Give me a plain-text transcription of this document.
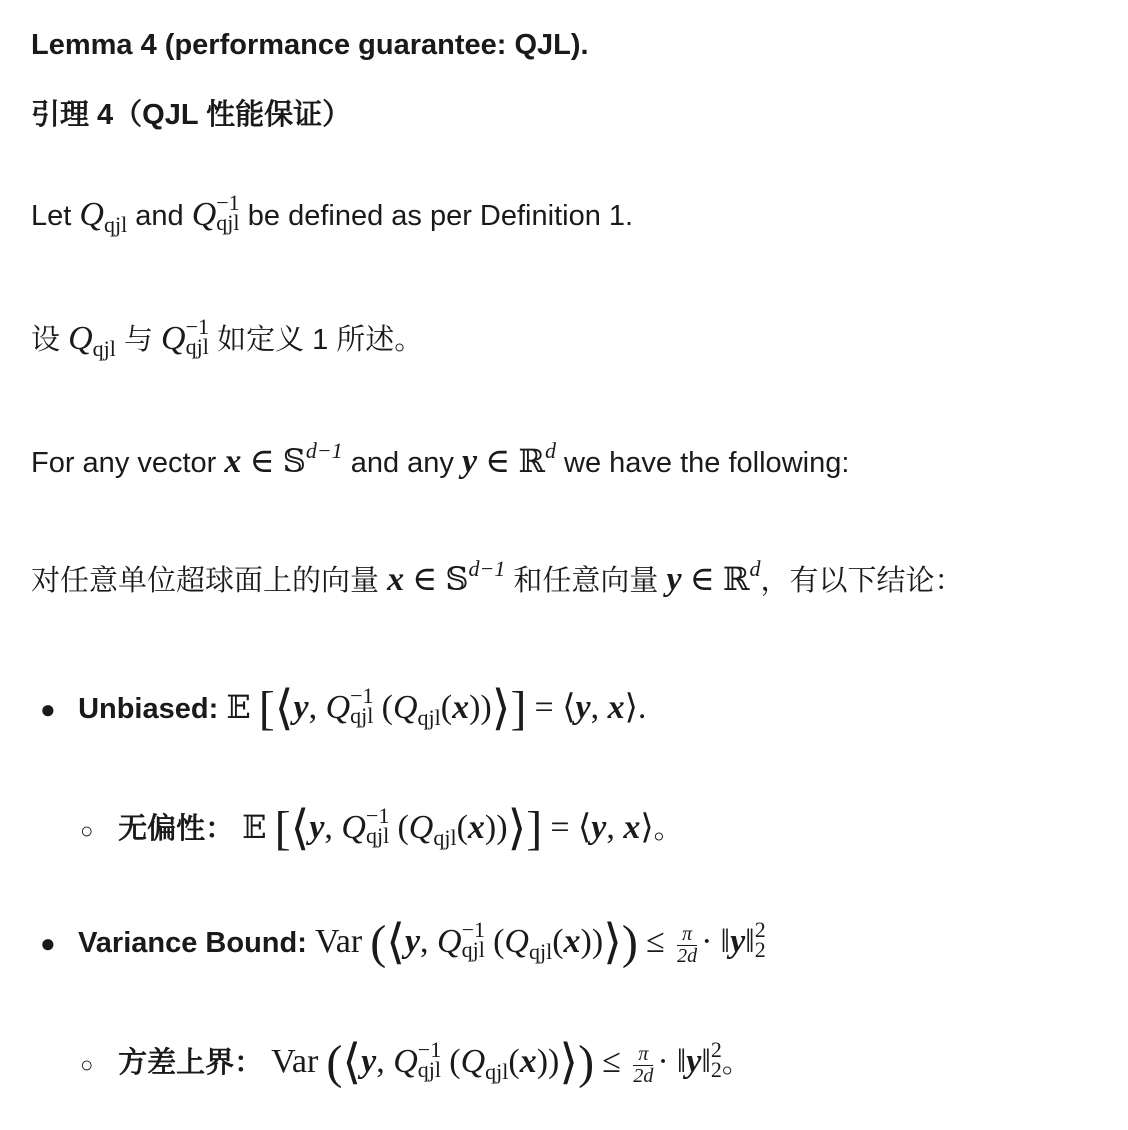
Lemma 4 (performance guarantee: QJL).
引理 4（QJL 性能保证）
Let $Q_{qjl}$ and Q −1
qjl be defined as per Definition 1.
设 $Q_{qjl}$ 与 Q −1
qjl 如定义 1 所述。
For any vector x ∈ 𝕊$^{d-1}$ and any y ∈ ℝ$^d$ we have the following:
对任意单位超球面上的向量 x ∈ 𝕊$^{d-1}$ 和任意向量 y ∈ ℝ$^d$，有以下结论：
● Unbiased: 𝔼 [⟨y, Q −1
qjl $(Q_{qjl}(x))⟩$] = ⟨y, x⟩.
○ 无偏性： 𝔼 [⟨y, Q −1
qjl $(Q_{qjl}(x))⟩$] = ⟨y, x⟩。
● Variance Bound: Var (⟨y, Q −1
qjl $(Q_{qjl}(x))⟩) \le \frac{\pi}{2d}$ · ‖y‖ 2
2
○ 方差上界： Var (⟨y, Q −1
qjl $(Q_{qjl}(x))⟩) \le \frac{\pi}{2d}$ · ‖y‖ 2
2 。
